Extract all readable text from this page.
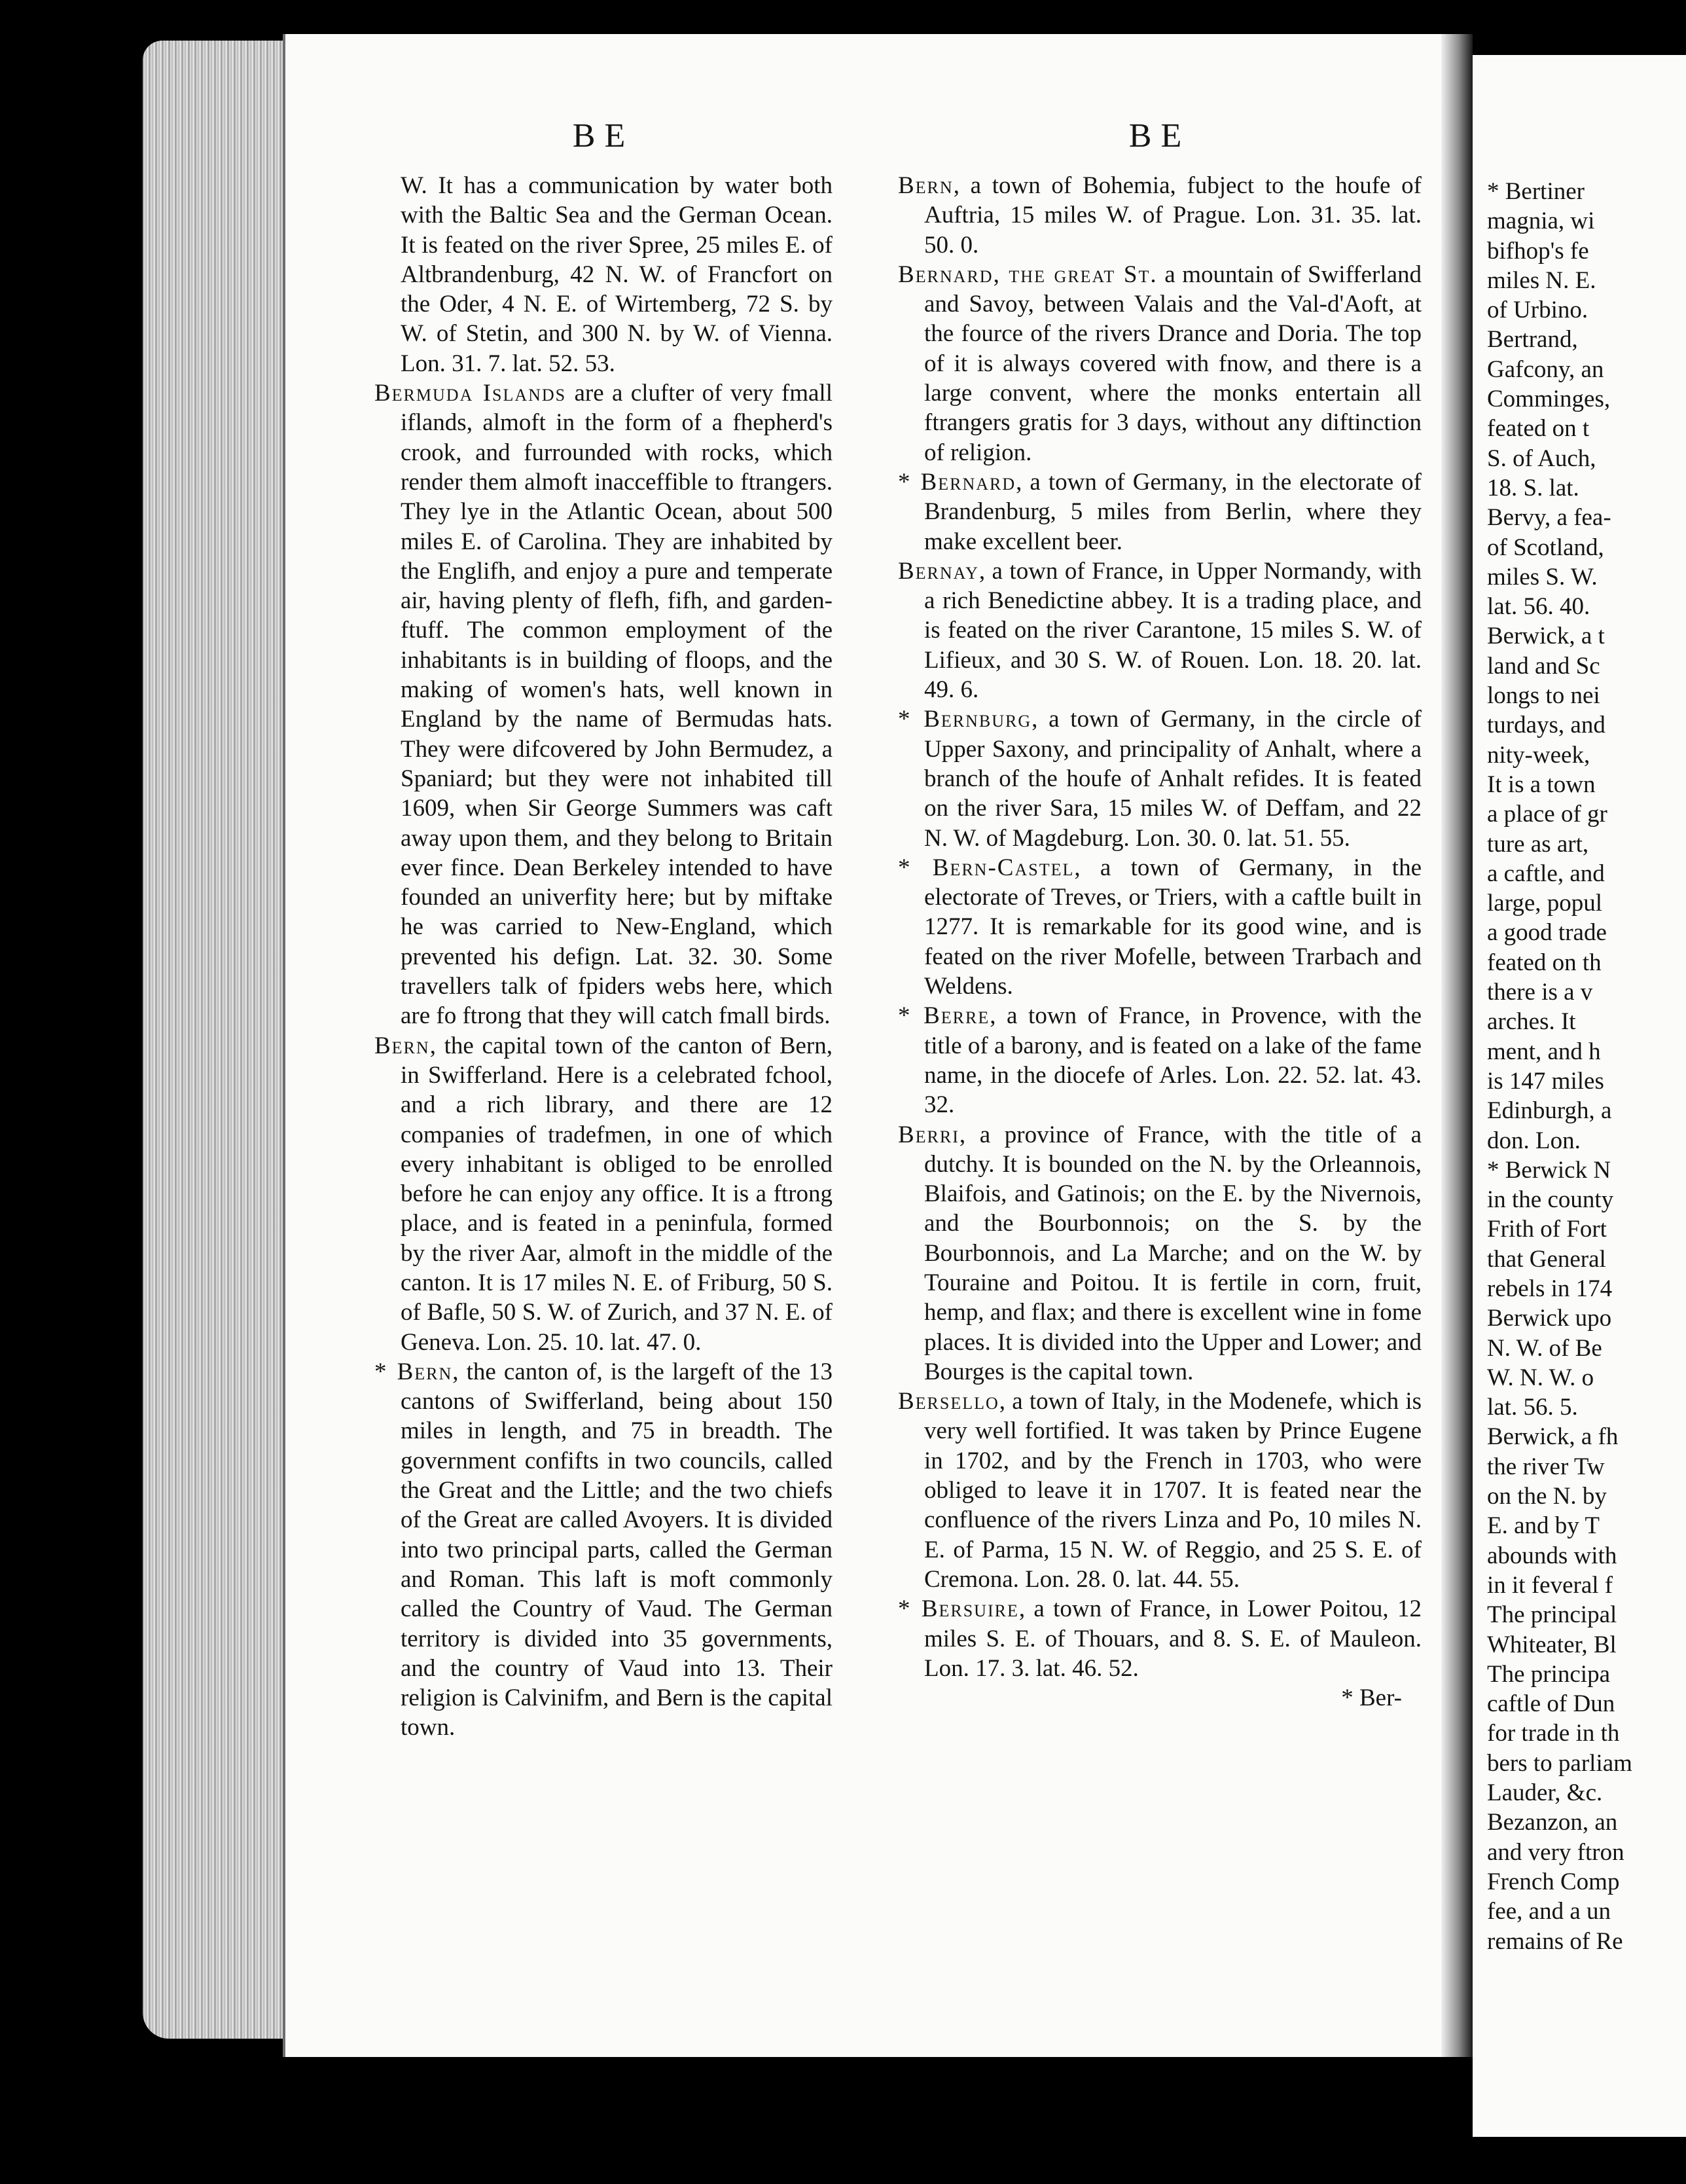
BE

W. It has a communication by water both with the Baltic Sea and the German Ocean. It is feated on the river Spree, 25 miles E. of Altbrandenburg, 42 N. W. of Francfort on the Oder, 4 N. E. of Wirtemberg, 72 S. by W. of Stetin, and 300 N. by W. of Vienna. Lon. 31. 7. lat. 52. 53.

Bermuda Islands are a clufter of very fmall iflands, almoft in the form of a fhepherd's crook, and furrounded with rocks, which render them almoft inacceffible to ftrangers. They lye in the Atlantic Ocean, about 500 miles E. of Carolina. They are inhabited by the Englifh, and enjoy a pure and temperate air, having plenty of flefh, fifh, and garden-ftuff. The common employment of the inhabitants is in building of floops, and the making of women's hats, well known in England by the name of Bermudas hats. They were difcovered by John Bermudez, a Spaniard; but they were not inhabited till 1609, when Sir George Summers was caft away upon them, and they belong to Britain ever fince. Dean Berkeley intended to have founded an univerfity here; but by miftake he was carried to New-England, which prevented his defign. Lat. 32. 30. Some travellers talk of fpiders webs here, which are fo ftrong that they will catch fmall birds.

Bern, the capital town of the canton of Bern, in Swifferland. Here is a celebrated fchool, and a rich library, and there are 12 companies of tradefmen, in one of which every inhabitant is obliged to be enrolled before he can enjoy any office. It is a ftrong place, and is feated in a peninfula, formed by the river Aar, almoft in the middle of the canton. It is 17 miles N. E. of Friburg, 50 S. of Bafle, 50 S. W. of Zurich, and 37 N. E. of Geneva. Lon. 25. 10. lat. 47. 0.

* Bern, the canton of, is the largeft of the 13 cantons of Swifferland, being about 150 miles in length, and 75 in breadth. The government confifts in two councils, called the Great and the Little; and the two chiefs of the Great are called Avoyers. It is divided into two principal parts, called the German and Roman. This laft is moft commonly called the Country of Vaud. The German territory is divided into 35 governments, and the country of Vaud into 13. Their religion is Calvinifm, and Bern is the capital town.

BE

Bern, a town of Bohemia, fubject to the houfe of Auftria, 15 miles W. of Prague. Lon. 31. 35. lat. 50. 0.

Bernard, the great St. a mountain of Swifferland and Savoy, between Valais and the Val-d'Aoft, at the fource of the rivers Drance and Doria. The top of it is always covered with fnow, and there is a large convent, where the monks entertain all ftrangers gratis for 3 days, without any diftinction of religion.

* Bernard, a town of Germany, in the electorate of Brandenburg, 5 miles from Berlin, where they make excellent beer.

Bernay, a town of France, in Upper Normandy, with a rich Benedictine abbey. It is a trading place, and is feated on the river Carantone, 15 miles S. W. of Lifieux, and 30 S. W. of Rouen. Lon. 18. 20. lat. 49. 6.

* Bernburg, a town of Germany, in the circle of Upper Saxony, and principality of Anhalt, where a branch of the houfe of Anhalt refides. It is feated on the river Sara, 15 miles W. of Deffam, and 22 N. W. of Magdeburg. Lon. 30. 0. lat. 51. 55.

* Bern-Castel, a town of Germany, in the electorate of Treves, or Triers, with a caftle built in 1277. It is remarkable for its good wine, and is feated on the river Mofelle, between Trarbach and Weldens.

* Berre, a town of France, in Provence, with the title of a barony, and is feated on a lake of the fame name, in the diocefe of Arles. Lon. 22. 52. lat. 43. 32.

Berri, a province of France, with the title of a dutchy. It is bounded on the N. by the Orleannois, Blaifois, and Gatinois; on the E. by the Nivernois, and the Bourbonnois; on the S. by the Bourbonnois, and La Marche; and on the W. by Touraine and Poitou. It is fertile in corn, fruit, hemp, and flax; and there is excellent wine in fome places. It is divided into the Upper and Lower; and Bourges is the capital town.

Bersello, a town of Italy, in the Modenefe, which is very well fortified. It was taken by Prince Eugene in 1702, and by the French in 1703, who were obliged to leave it in 1707. It is feated near the confluence of the rivers Linza and Po, 10 miles N. E. of Parma, 15 N. W. of Reggio, and 25 S. E. of Cremona. Lon. 28. 0. lat. 44. 55.

* Bersuire, a town of France, in Lower Poitou, 12 miles S. E. of Thouars, and 8. S. E. of Mauleon. Lon. 17. 3. lat. 46. 52.

* Ber-

* Bertiner
magnia, wi
bifhop's fe
miles N. E.
of Urbino.

Bertrand,
Gafcony, an
Comminges,
feated on t
S. of Auch,
18. S. lat.

Bervy, a fea-
of Scotland,
miles S. W.
lat. 56. 40.

Berwick, a t
land and Sc
longs to nei
turdays, and
nity-week,
It is a town
a place of gr
ture as art,
a caftle, and
large, popul
a good trade
feated on th
there is a v
arches. It
ment, and h
is 147 miles
Edinburgh, a
don. Lon.

* Berwick N
in the county
Frith of Fort
that General
rebels in 174
Berwick upo
N. W. of Be
W. N. W. o
lat. 56. 5.

Berwick, a fh
the river Tw
on the N. by
E. and by T
abounds with
in it feveral f
The principal
Whiteater, Bl
The principa
caftle of Dun
for trade in th
bers to parliam
Lauder, &c.

Bezanzon, an
and very ftron
French Comp
fee, and a un
remains of Re
